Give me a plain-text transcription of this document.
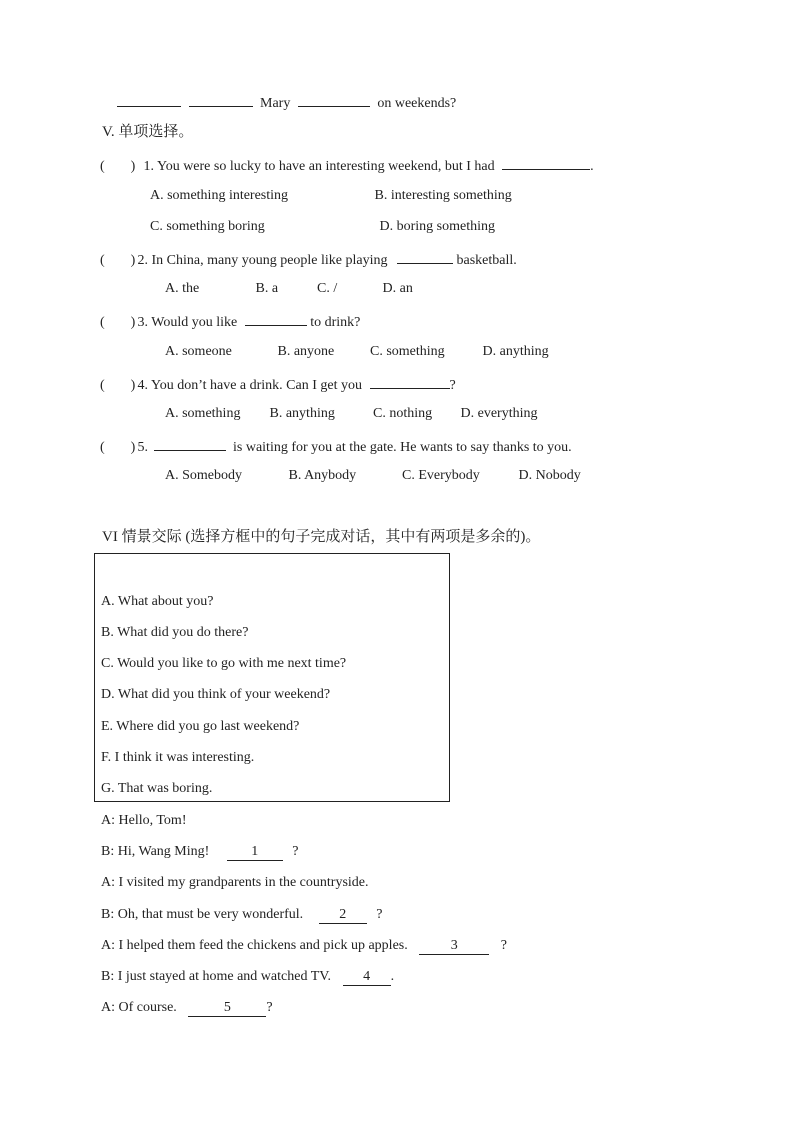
Mary	on weekends?
V. 单项选择。
( ) 1. You were so lucky to have an interesting weekend, but I had	.
A. something interesting	B. interesting something
C. something boring	D. boring something
( ) 2. In China, many young people like playing	basketball.
A. the	B. a	C. /	D. an
( ) 3. Would you like	to drink?
A. someone	B. anyone	C. something	D. anything
( ) 4. You don’t have a drink. Can I get you	?
A. something B. anything	C. nothing D. everything
( ) 5.	is waiting for you at the gate. He wants to say thanks to you.
A. Somebody	B. Anybody	C. Everybody	D. Nobody
VI 情景交际 (选择方框中的句子完成对话，其中有两项是多余的)。
A. What about you?
B. What did you do there?
C. Would you like to go with me next time?
D. What did you think of your weekend?
E. Where did you go last weekend?
F. I think it was interesting.
G. That was boring.
A: Hello, Tom!
B: Hi, Wang Ming!	1 ?
A: I visited my grandparents in the countryside.
B: Oh, that must be very wonderful.	2 ?
A: I helped them feed the chickens and pick up apples.	3	?
B: I just stayed at home and watched TV. 4 .
A: Of course.	5	?
